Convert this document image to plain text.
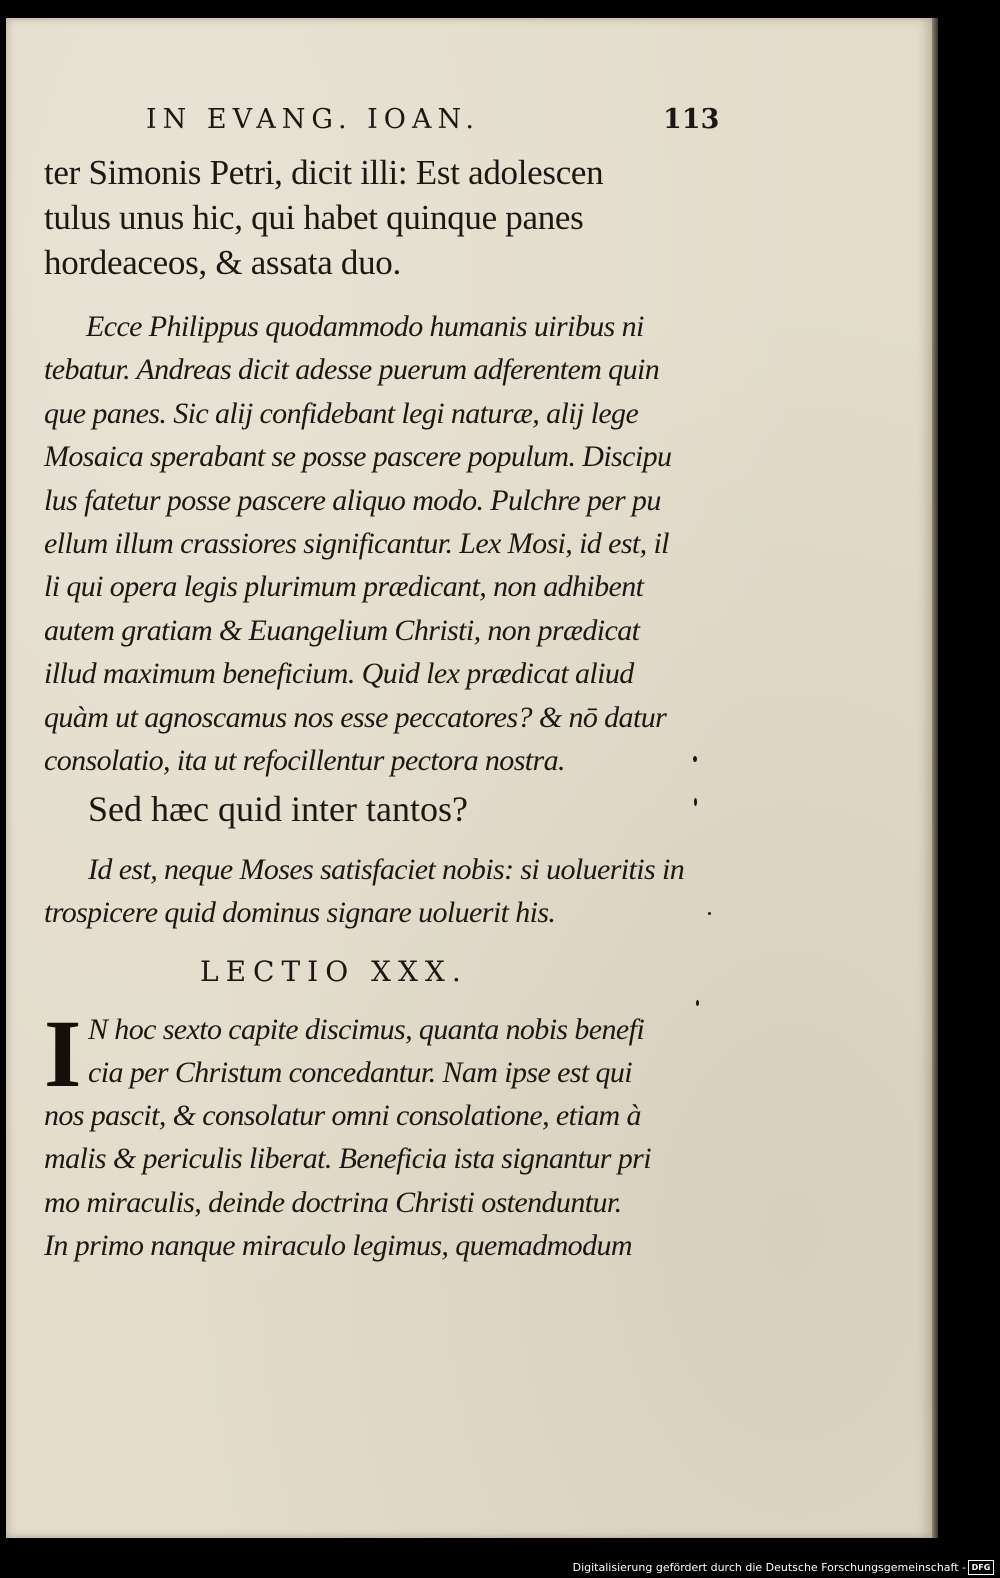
IN EVANG. IOAN.	113
ter Simonis Petri, dicit illi: Est adolescen
tulus unus hic, qui habet quinque panes
hordeaceos, & assata duo.
Ecce Philippus quodammodo humanis uiribus ni
tebatur. Andreas dicit adesse puerum adferentem quin
que panes. Sic alij confidebant legi naturæ, alij lege
Mosaica sperabant se posse pascere populum. Discipu
lus fatetur posse pascere aliquo modo. Pulchre per pu
ellum illum crassiores significantur. Lex Mosi, id est, il
li qui opera legis plurimum prædicant, non adhibent
autem gratiam & Euangelium Christi, non prædicat
illud maximum beneficium. Quid lex prædicat aliud
quàm ut agnoscamus nos esse peccatores? & nō datur
consolatio, ita ut refocillentur pectora nostra.
Sed hæc quid inter tantos?
Id est, neque Moses satisfaciet nobis: si uolueritis in
trospicere quid dominus signare uoluerit his.
LECTIO XXX.
I N hoc sexto capite discimus, quanta nobis benefi
cia per Christum concedantur. Nam ipse est qui
nos pascit, & consolatur omni consolatione, etiam à
malis & periculis liberat. Beneficia ista signantur pri
mo miraculis, deinde doctrina Christi ostenduntur.
In primo nanque miraculo legimus, quemadmodum
Digitalisierung gefördert durch die Deutsche Forschungsgemeinschaft - DFG
